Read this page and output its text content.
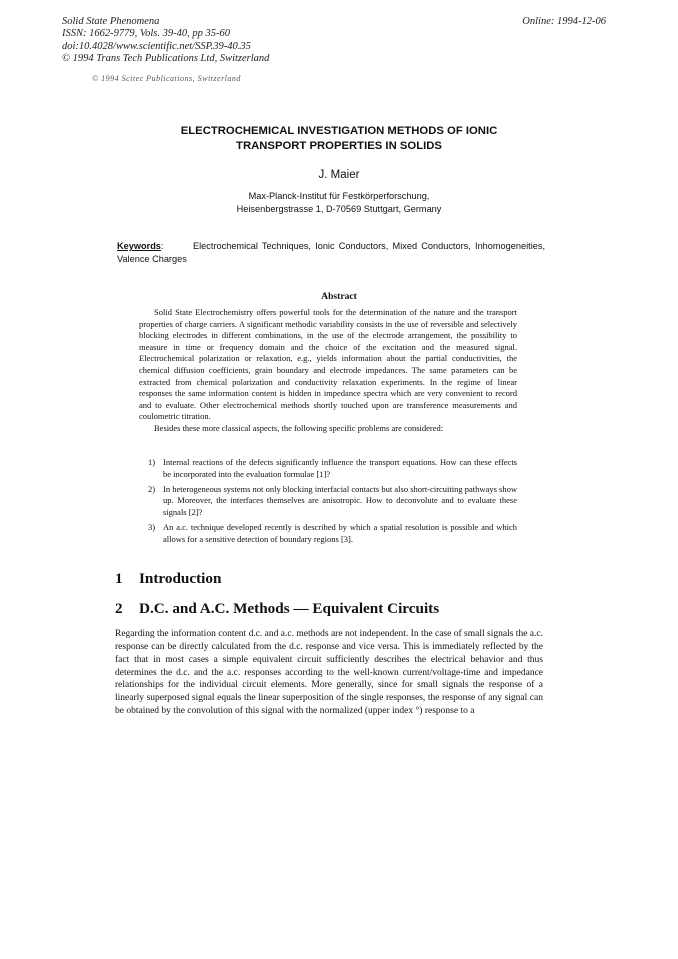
Solid State Phenomena
ISSN: 1662-9779, Vols. 39-40, pp 35-60
doi:10.4028/www.scientific.net/SSP.39-40.35
© 1994 Trans Tech Publications Ltd, Switzerland
Online: 1994-12-06
© 1994 Scitec Publications, Switzerland
ELECTROCHEMICAL INVESTIGATION METHODS OF IONIC
TRANSPORT PROPERTIES IN SOLIDS
J. Maier
Max-Planck-Institut für Festkörperforschung,
Heisenbergstrasse 1, D-70569 Stuttgart, Germany
Keywords:       Electrochemical Techniques, Ionic Conductors, Mixed Conductors, Inhomogeneities, Valence Charges
Abstract

Solid State Electrochemistry offers powerful tools for the determination of the nature and the transport properties of charge carriers. A significant methodic variability consists in the use of reversible and selectively blocking electrodes in different combinations, in the use of the electrode arrangement, the possibility to measure in time or frequency domain and the choice of the excitation and the measured signal. Electrochemical polarization or relaxation, e.g., yields information about the partial conductivities, the chemical diffusion coefficients, grain boundary and electrode impedances. The same parameters can be extracted from chemical polarization and conductivity relaxation experiments. In the regime of linear responses the same information content is hidden in impedance spectra which are very convenient to record and to evaluate. Other electrochemical methods shortly touched upon are transference measurements and coulometric titration.

Besides these more classical aspects, the following specific problems are considered:

1) Internal reactions of the defects significantly influence the transport equations. How can these effects be incorporated into the evaluation formulae [1]?
2) In heterogeneous systems not only blocking interfacial contacts but also short-circuiting pathways show up. Moreover, the interfaces themselves are anisotropic. How to deconvolute and to evaluate these signals [2]?
3) An a.c. technique developed recently is described by which a spatial resolution is possible and which allows for a sensitive detection of boundary regions [3].
1 Introduction
2 D.C. and A.C. Methods — Equivalent Circuits
Regarding the information content d.c. and a.c. methods are not independent. In the case of small signals the a.c. response can be directly calculated from the d.c. response and vice versa. This is immediately reflected by the fact that in most cases a simple equivalent circuit sufficiently describes the electrical behavior and thus determines the d.c. and the a.c. responses according to the well-known current/voltage-time and impedance relationships for the individual circuit elements. More generally, since for small signals the response of a linearly superposed signal equals the linear superposition of the single responses, the response of any signal can be obtained by the convolution of this signal with the normalized (upper index °) response to a
